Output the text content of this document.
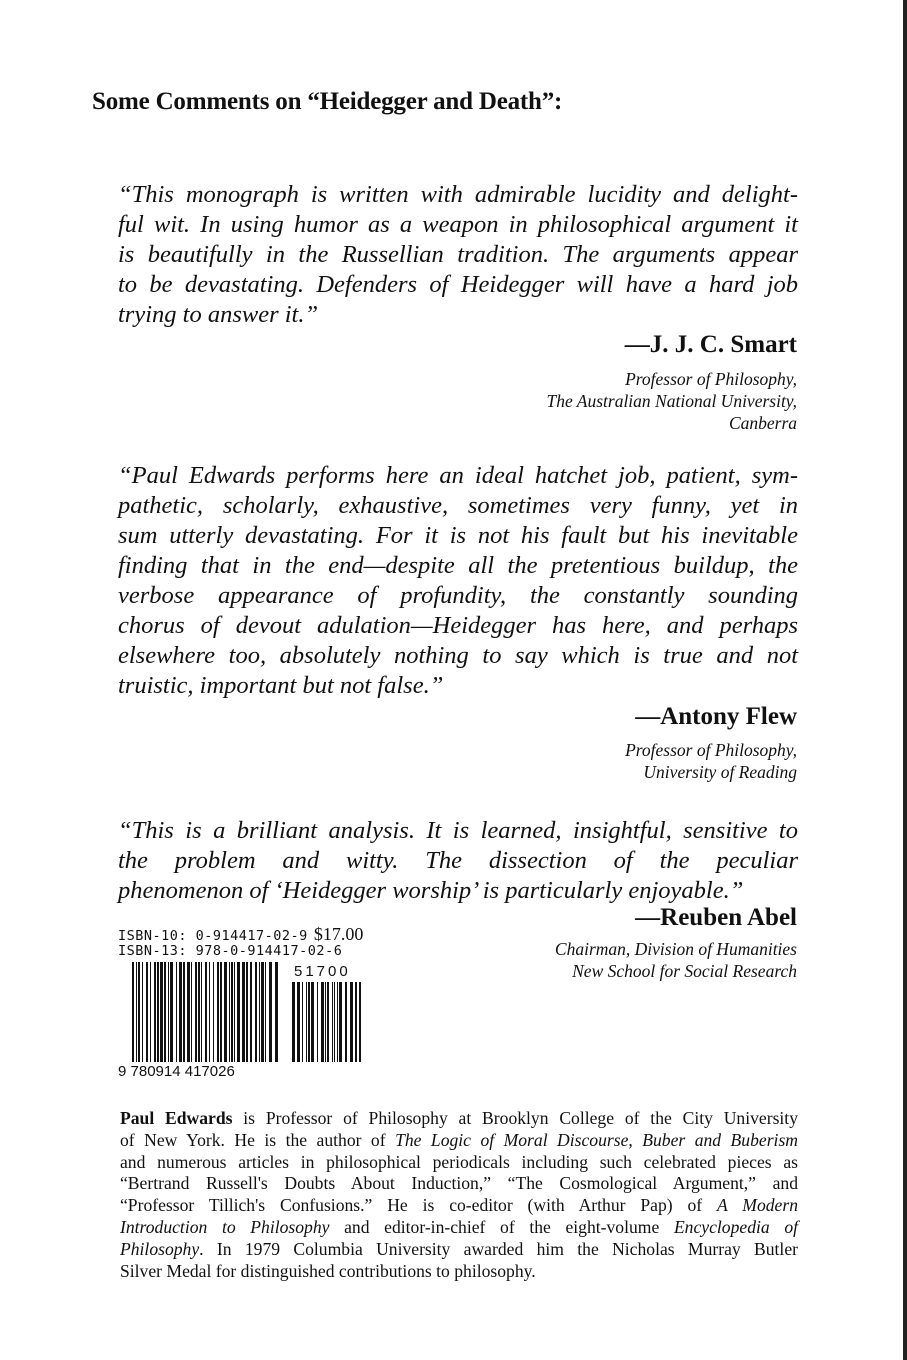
Some Comments on “Heidegger and Death”:
“This monograph is written with admirable lucidity and delight-
ful wit. In using humor as a weapon in philosophical argument it
is beautifully in the Russellian tradition. The arguments appear
to be devastating. Defenders of Heidegger will have a hard job
trying to answer it.”
—J. J. C. Smart
Professor of Philosophy,
The Australian National University,
Canberra
“Paul Edwards performs here an ideal hatchet job, patient, sym-
pathetic, scholarly, exhaustive, sometimes very funny, yet in
sum utterly devastating. For it is not his fault but his inevitable
finding that in the end—despite all the pretentious buildup, the
verbose appearance of profundity, the constantly sounding
chorus of devout adulation—Heidegger has here, and perhaps
elsewhere too, absolutely nothing to say which is true and not
truistic, important but not false.”
—Antony Flew
Professor of Philosophy,
University of Reading
“This is a brilliant analysis. It is learned, insightful, sensitive to
the problem and witty. The dissection of the peculiar
phenomenon of ‘Heidegger worship’ is particularly enjoyable.”
—Reuben Abel
Chairman, Division of Humanities
New School for Social Research
ISBN-10: 0-914417-02-9 $17.00
ISBN-13: 978-0-914417-02-6
9 780914 417026
51700
Paul Edwards is Professor of Philosophy at Brooklyn College of the City University
of New York. He is the author of The Logic of Moral Discourse, Buber and Buberism
and numerous articles in philosophical periodicals including such celebrated pieces as
“Bertrand Russell's Doubts About Induction,” “The Cosmological Argument,” and
“Professor Tillich's Confusions.” He is co-editor (with Arthur Pap) of A Modern
Introduction to Philosophy and editor-in-chief of the eight-volume Encyclopedia of
Philosophy. In 1979 Columbia University awarded him the Nicholas Murray Butler
Silver Medal for distinguished contributions to philosophy.
